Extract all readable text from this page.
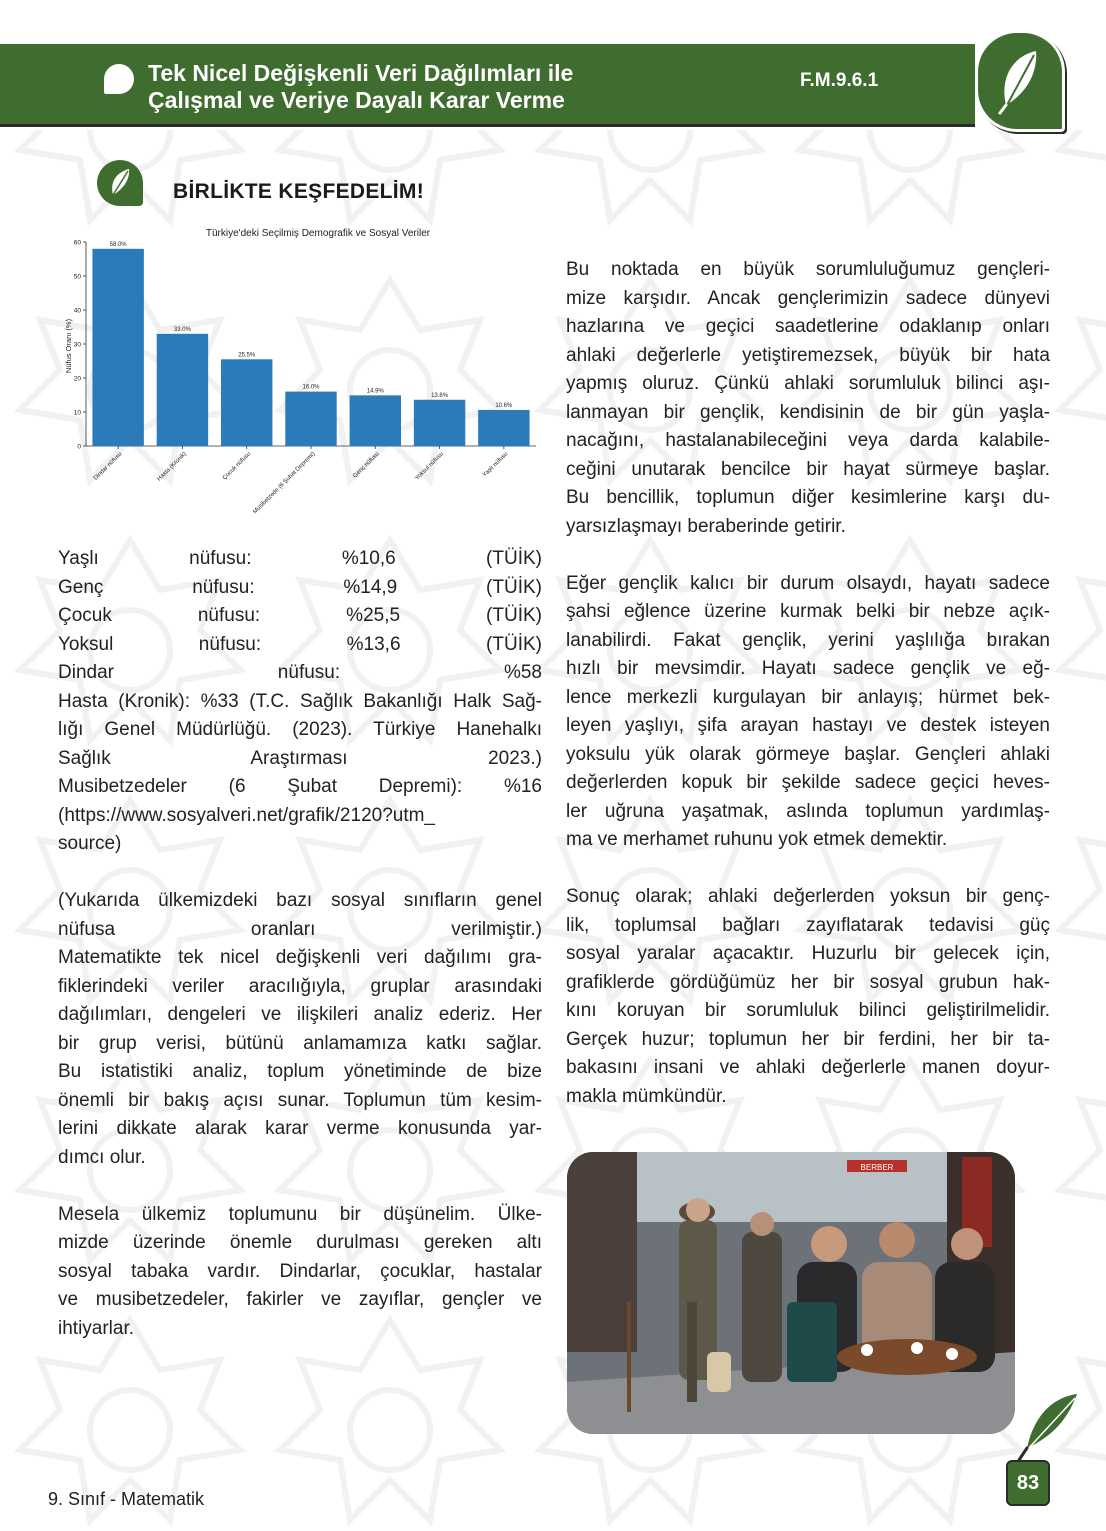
Tek Nicel Değişkenli Veri Dağılımları ile
Çalışmal ve Veriye Dayalı Karar Verme
F.M.9.6.1
BİRLİKTE KEŞFEDELİM!
Türkiye'deki Seçilmiş Demografik ve Sosyal Veriler
Nüfus Oranı (%)
0
10
20
30
40
50
60
Dindar nüfusu	Hasta (Kronik)	Çocuk nüfusu Musibetzede (6 Şubat Depremi)	Genç nüfusu	Yoksul nüfusu	Yaşlı nüfusu
58.0%
33.0%
25.5%
16.0%
14.9%
13.6%
10.6%

Yaşlı nüfusu: %10,6 (TÜİK)
Genç nüfusu: %14,9 (TÜİK)
Çocuk nüfusu: %25,5 (TÜİK)
Yoksul nüfusu: %13,6 (TÜİK)
Dindar nüfusu: %58
Hasta (Kronik): %33 (T.C. Sağlık Bakanlığı Halk Sağ-
lığı Genel Müdürlüğü. (2023). Türkiye Hanehalkı
Sağlık Araştırması 2023.)
Musibetzedeler (6 Şubat Depremi): %16
(https://www.sosyalveri.net/grafik/2120?utm_
source)

(Yukarıda ülkemizdeki bazı sosyal sınıfların genel
nüfusa oranları verilmiştir.)
Matematikte tek nicel değişkenli veri dağılımı gra-
fiklerindeki veriler aracılığıyla, gruplar arasındaki
dağılımları, dengeleri ve ilişkileri analiz ederiz. Her
bir grup verisi, bütünü anlamamıza katkı sağlar.
Bu istatistiki analiz, toplum yönetiminde de bize
önemli bir bakış açısı sunar. Toplumun tüm kesim-
lerini dikkate alarak karar verme konusunda yar-
dımcı olur.

Mesela ülkemiz toplumunu bir düşünelim. Ülke-
mizde üzerinde önemle durulması gereken altı
sosyal tabaka vardır. Dindarlar, çocuklar, hastalar
ve musibetzedeler, fakirler ve zayıflar, gençler ve
ihtiyarlar.

Bu noktada en büyük sorumluluğumuz gençleri-
mize karşıdır. Ancak gençlerimizin sadece dünyevi
hazlarına ve geçici saadetlerine odaklanıp onları
ahlaki değerlerle yetiştiremezsek, büyük bir hata
yapmış oluruz. Çünkü ahlaki sorumluluk bilinci aşı-
lanmayan bir gençlik, kendisinin de bir gün yaşla-
nacağını, hastalanabileceğini veya darda kalabile-
ceğini unutarak bencilce bir hayat sürmeye başlar.
Bu bencillik, toplumun diğer kesimlerine karşı du-
yarsızlaşmayı beraberinde getirir.

Eğer gençlik kalıcı bir durum olsaydı, hayatı sadece
şahsi eğlence üzerine kurmak belki bir nebze açık-
lanabilirdi. Fakat gençlik, yerini yaşlılığa bırakan
hızlı bir mevsimdir. Hayatı sadece gençlik ve eğ-
lence merkezli kurgulayan bir anlayış; hürmet bek-
leyen yaşlıyı, şifa arayan hastayı ve destek isteyen
yoksulu yük olarak görmeye başlar. Gençleri ahlaki
değerlerden kopuk bir şekilde sadece geçici heves-
ler uğruna yaşatmak, aslında toplumun yardımlaş-
ma ve merhamet ruhunu yok etmek demektir.

Sonuç olarak; ahlaki değerlerden yoksun bir genç-
lik, toplumsal bağları zayıflatarak tedavisi güç
sosyal yaralar açacaktır. Huzurlu bir gelecek için,
grafiklerde gördüğümüz her bir sosyal grubun hak-
kını koruyan bir sorumluluk bilinci geliştirilmelidir.
Gerçek huzur; toplumun her bir ferdini, her bir ta-
bakasını insani ve ahlaki değerlerle manen doyur-
makla mümkündür.

BERBER
9. Sınıf - Matematik
83
